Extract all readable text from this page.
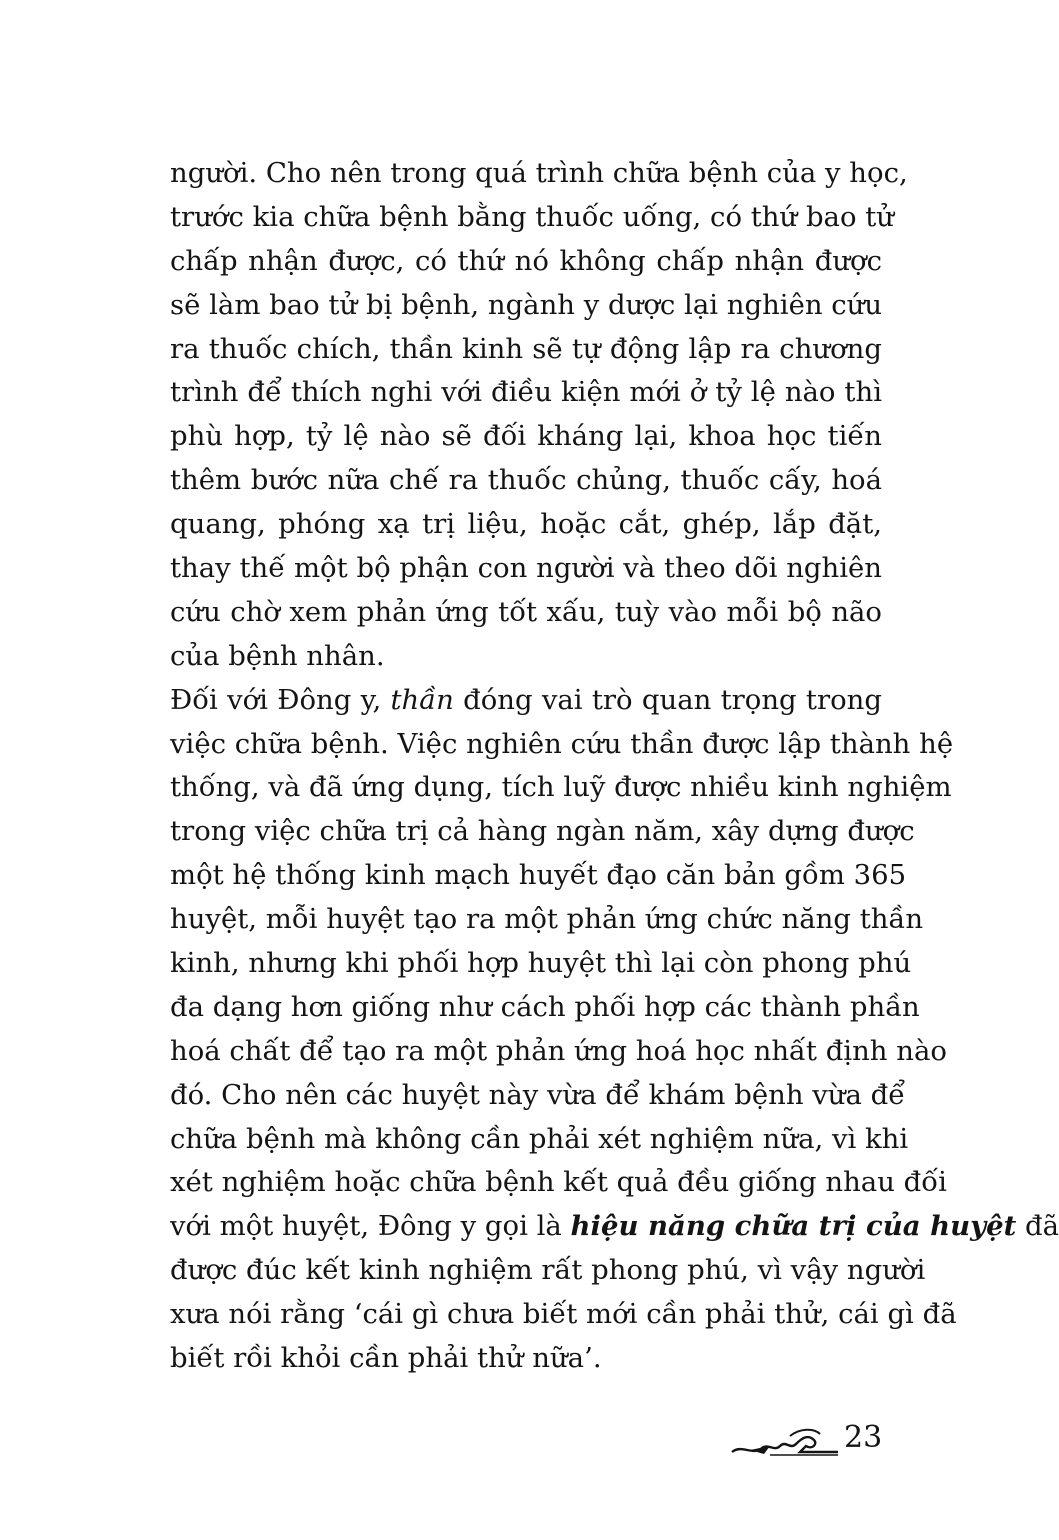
người. Cho nên trong quá trình chữa bệnh của y học,
trước kia chữa bệnh bằng thuốc uống, có thứ bao tử
chấp nhận được, có thứ nó không chấp nhận được
sẽ làm bao tử bị bệnh, ngành y dược lại nghiên cứu
ra thuốc chích, thần kinh sẽ tự động lập ra chương
trình để thích nghi với điều kiện mới ở tỷ lệ nào thì
phù hợp, tỷ lệ nào sẽ đối kháng lại, khoa học tiến
thêm bước nữa chế ra thuốc chủng, thuốc cấy, hoá
quang, phóng xạ trị liệu, hoặc cắt, ghép, lắp đặt,
thay thế một bộ phận con người và theo dõi nghiên
cứu chờ xem phản ứng tốt xấu, tuỳ vào mỗi bộ não
của bệnh nhân.
Đối với Đông y, thần đóng vai trò quan trọng trong
việc chữa bệnh. Việc nghiên cứu thần được lập thành hệ
thống, và đã ứng dụng, tích luỹ được nhiều kinh nghiệm
trong việc chữa trị cả hàng ngàn năm, xây dựng được
một hệ thống kinh mạch huyết đạo căn bản gồm 365
huyệt, mỗi huyệt tạo ra một phản ứng chức năng thần
kinh, nhưng khi phối hợp huyệt thì lại còn phong phú
đa dạng hơn giống như cách phối hợp các thành phần
hoá chất để tạo ra một phản ứng hoá học nhất định nào
đó. Cho nên các huyệt này vừa để khám bệnh vừa để
chữa bệnh mà không cần phải xét nghiệm nữa, vì khi
xét nghiệm hoặc chữa bệnh kết quả đều giống nhau đối
với một huyệt, Đông y gọi là hiệu năng chữa trị của huyệt đã
được đúc kết kinh nghiệm rất phong phú, vì vậy người
xưa nói rằng ‘cái gì chưa biết mới cần phải thử, cái gì đã
biết rồi khỏi cần phải thử nữa’.
23
